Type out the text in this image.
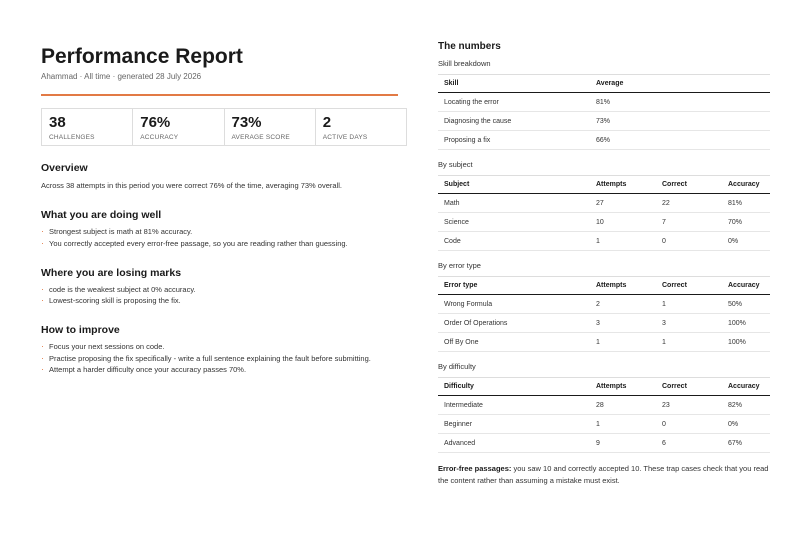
Performance Report
Ahammad · All time · generated 28 July 2026
38
CHALLENGES
76%
ACCURACY
73%
AVERAGE SCORE
2
ACTIVE DAYS
Overview
Across 38 attempts in this period you were correct 76% of the time, averaging 73% overall.
What you are doing well
· Strongest subject is math at 81% accuracy.
· You correctly accepted every error-free passage, so you are reading rather than guessing.
Where you are losing marks
· code is the weakest subject at 0% accuracy.
· Lowest-scoring skill is proposing the fix.
How to improve
· Focus your next sessions on code.
· Practise proposing the fix specifically - write a full sentence explaining the fault before submitting.
· Attempt a harder difficulty once your accuracy passes 70%.
The numbers
Skill breakdown
Skill	Average
Locating the error	81%
Diagnosing the cause	73%
Proposing a fix	66%
By subject
Subject	Attempts	Correct	Accuracy
Math	27	22	81%
Science	10	7	70%
Code	1	0	0%
By error type
Error type	Attempts	Correct	Accuracy
Wrong Formula	2	1	50%
Order Of Operations	3	3	100%
Off By One	1	1	100%
By difficulty
Difficulty	Attempts	Correct	Accuracy
Intermediate	28	23	82%
Beginner	1	0	0%
Advanced	9	6	67%
Error-free passages: you saw 10 and correctly accepted 10. These trap cases check that you read the content rather than assuming a mistake must exist.
